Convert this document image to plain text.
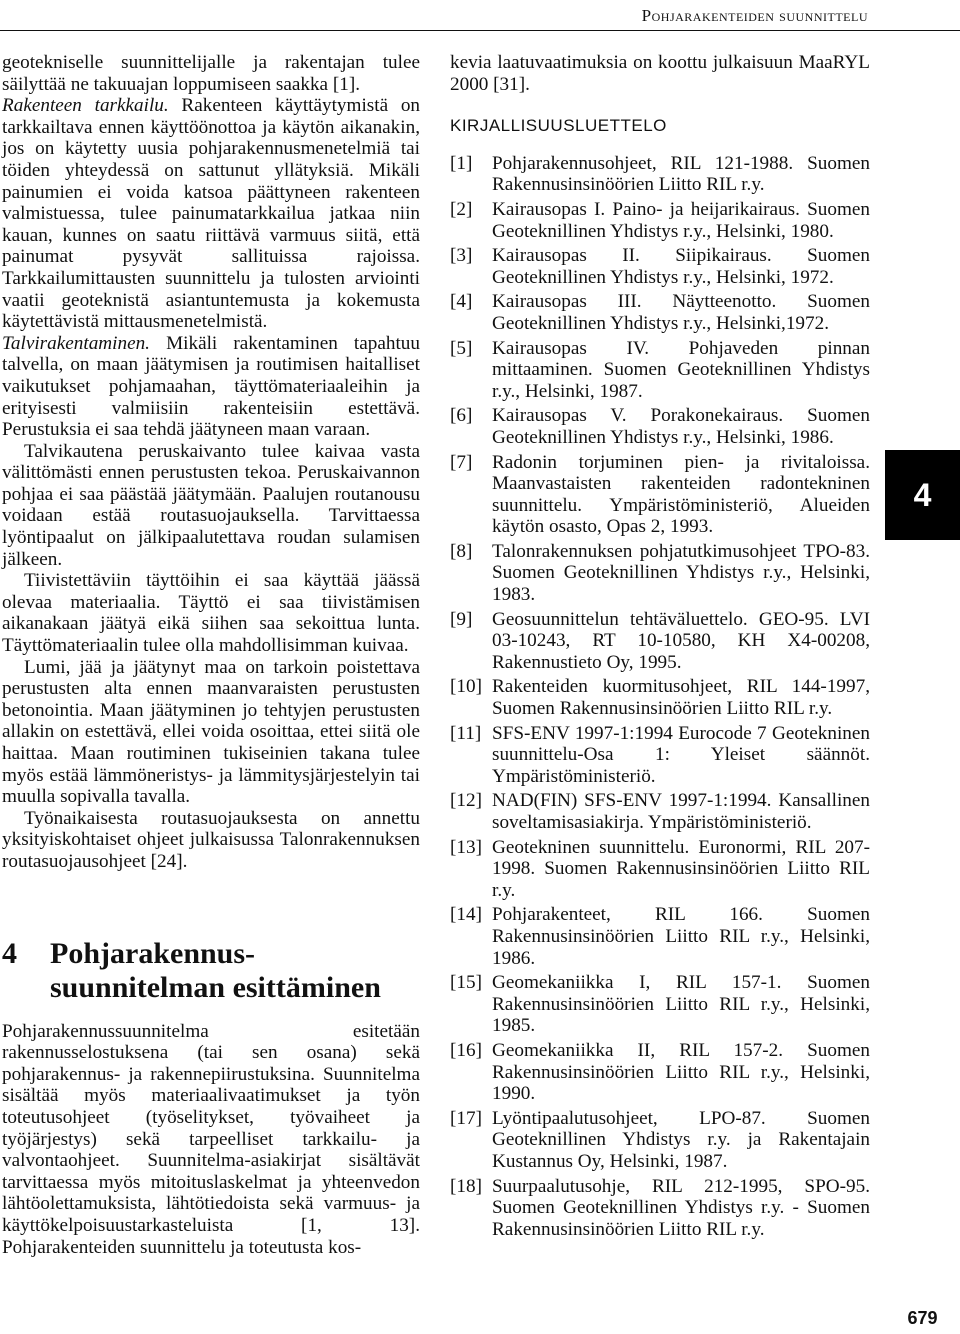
Pohjarakenteiden suunnittelu

geotekniselle suunnittelijalle ja rakentajan tulee säilyttää ne takuuajan loppumiseen saakka [1].

Rakenteen tarkkailu. Rakenteen käyttäytymistä on tarkkailtava ennen käyttöönottoa ja käytön aikanakin, jos on käytetty uusia pohjarakennusmenetelmiä tai töiden yhteydessä on sattunut yllätyksiä. Mikäli painumien ei voida katsoa päättyneen rakenteen valmistuessa, tulee painumatarkkailua jatkaa niin kauan, kunnes on saatu riittävä varmuus siitä, että painumat pysyvät sallituissa rajoissa. Tarkkailumittausten suunnittelu ja tulosten arviointi vaatii geoteknistä asiantuntemusta ja kokemusta käytettävistä mittausmenetelmistä.

Talvirakentaminen. Mikäli rakentaminen tapahtuu talvella, on maan jäätymisen ja routimisen haitalliset vaikutukset pohjamaahan, täyttömateriaaleihin ja erityisesti valmiisiin rakenteisiin estettävä. Perustuksia ei saa tehdä jäätyneen maan varaan.

Talvikautena peruskaivanto tulee kaivaa vasta välittömästi ennen perustusten tekoa. Peruskaivannon pohjaa ei saa päästää jäätymään. Paalujen routanousu voidaan estää routasuojauksella. Tarvittaessa lyöntipaalut on jälkipaalutettava roudan sulamisen jälkeen.

Tiivistettäviin täyttöihin ei saa käyttää jäässä olevaa materiaalia. Täyttö ei saa tiivistämisen aikanakaan jäätyä eikä siihen saa sekoittua lunta. Täyttömateriaalin tulee olla mahdollisimman kuivaa.

Lumi, jää ja jäätynyt maa on tarkoin poistettava perustusten alta ennen maanvaraisten perustusten betonointia. Maan jäätyminen jo tehtyjen perustusten allakin on estettävä, ellei voida osoittaa, ettei siitä ole haittaa. Maan routiminen tukiseinien takana tulee myös estää lämmöneristys- ja lämmitysjärjestelyin tai muulla sopivalla tavalla.

Työnaikaisesta routasuojauksesta on annettu yksityiskohtaiset ohjeet julkaisussa Talonrakennuksen routasuojausohjeet [24].

4 Pohjarakennus-suunnitelman esittäminen

Pohjarakennussuunnitelma esitetään rakennusselostuksena (tai sen osana) sekä pohjarakennus- ja rakennepiirustuksina. Suunnitelma sisältää myös materiaalivaatimukset ja työn toteutusohjeet (työselitykset, työvaiheet ja työjärjestys) sekä tarpeelliset tarkkailu- ja valvontaohjeet. Suunnitelma-asiakirjat sisältävät tarvittaessa myös mitoituslaskelmat ja yhteenvedon lähtöolettamuksista, lähtötiedoista sekä varmuus- ja käyttökelpoisuustarkasteluista [1, 13]. Pohjarakenteiden suunnittelu ja toteutusta kos-

kevia laatuvaatimuksia on koottu julkaisuun MaaRYL 2000 [31].

KIRJALLISUUSLUETTELO
[1] Pohjarakennusohjeet, RIL 121-1988. Suomen Rakennusinsinöörien Liitto RIL r.y.
[2] Kairausopas I. Paino- ja heijarikairaus. Suomen Geoteknillinen Yhdistys r.y., Helsinki, 1980.
[3] Kairausopas II. Siipikairaus. Suomen Geoteknillinen Yhdistys r.y., Helsinki, 1972.
[4] Kairausopas III. Näytteenotto. Suomen Geoteknillinen Yhdistys r.y., Helsinki,1972.
[5] Kairausopas IV. Pohjaveden pinnan mittaaminen. Suomen Geoteknillinen Yhdistys r.y., Helsinki, 1987.
[6] Kairausopas V. Porakonekairaus. Suomen Geoteknillinen Yhdistys r.y., Helsinki, 1986.
[7] Radonin torjuminen pien- ja rivitaloissa. Maanvastaisten rakenteiden radontekninen suunnittelu. Ympäristöministeriö, Alueiden käytön osasto, Opas 2, 1993.
[8] Talonrakennuksen pohjatutkimusohjeet TPO-83. Suomen Geoteknillinen Yhdistys r.y., Helsinki, 1983.
[9] Geosuunnittelun tehtäväluettelo. GEO-95. LVI 03-10243, RT 10-10580, KH X4-00208, Rakennustieto Oy, 1995.
[10] Rakenteiden kuormitusohjeet, RIL 144-1997, Suomen Rakennusinsinöörien Liitto RIL r.y.
[11] SFS-ENV 1997-1:1994 Eurocode 7 Geotekninen suunnittelu-Osa 1: Yleiset säännöt. Ympäristöministeriö.
[12] NAD(FIN) SFS-ENV 1997-1:1994. Kansallinen soveltamisasiakirja. Ympäristöministeriö.
[13] Geotekninen suunnittelu. Euronormi, RIL 207-1998. Suomen Rakennusinsinöörien Liitto RIL r.y.
[14] Pohjarakenteet, RIL 166. Suomen Rakennusinsinöörien Liitto RIL r.y., Helsinki, 1986.
[15] Geomekaniikka I, RIL 157-1. Suomen Rakennusinsinöörien Liitto RIL r.y., Helsinki, 1985.
[16] Geomekaniikka II, RIL 157-2. Suomen Rakennusinsinöörien Liitto RIL r.y., Helsinki, 1990.
[17] Lyöntipaalutusohjeet, LPO-87. Suomen Geoteknillinen Yhdistys r.y. ja Rakentajain Kustannus Oy, Helsinki, 1987.
[18] Suurpaalutusohje, RIL 212-1995, SPO-95. Suomen Geoteknillinen Yhdistys r.y. - Suomen Rakennusinsinöörien Liitto RIL r.y.
4
679
